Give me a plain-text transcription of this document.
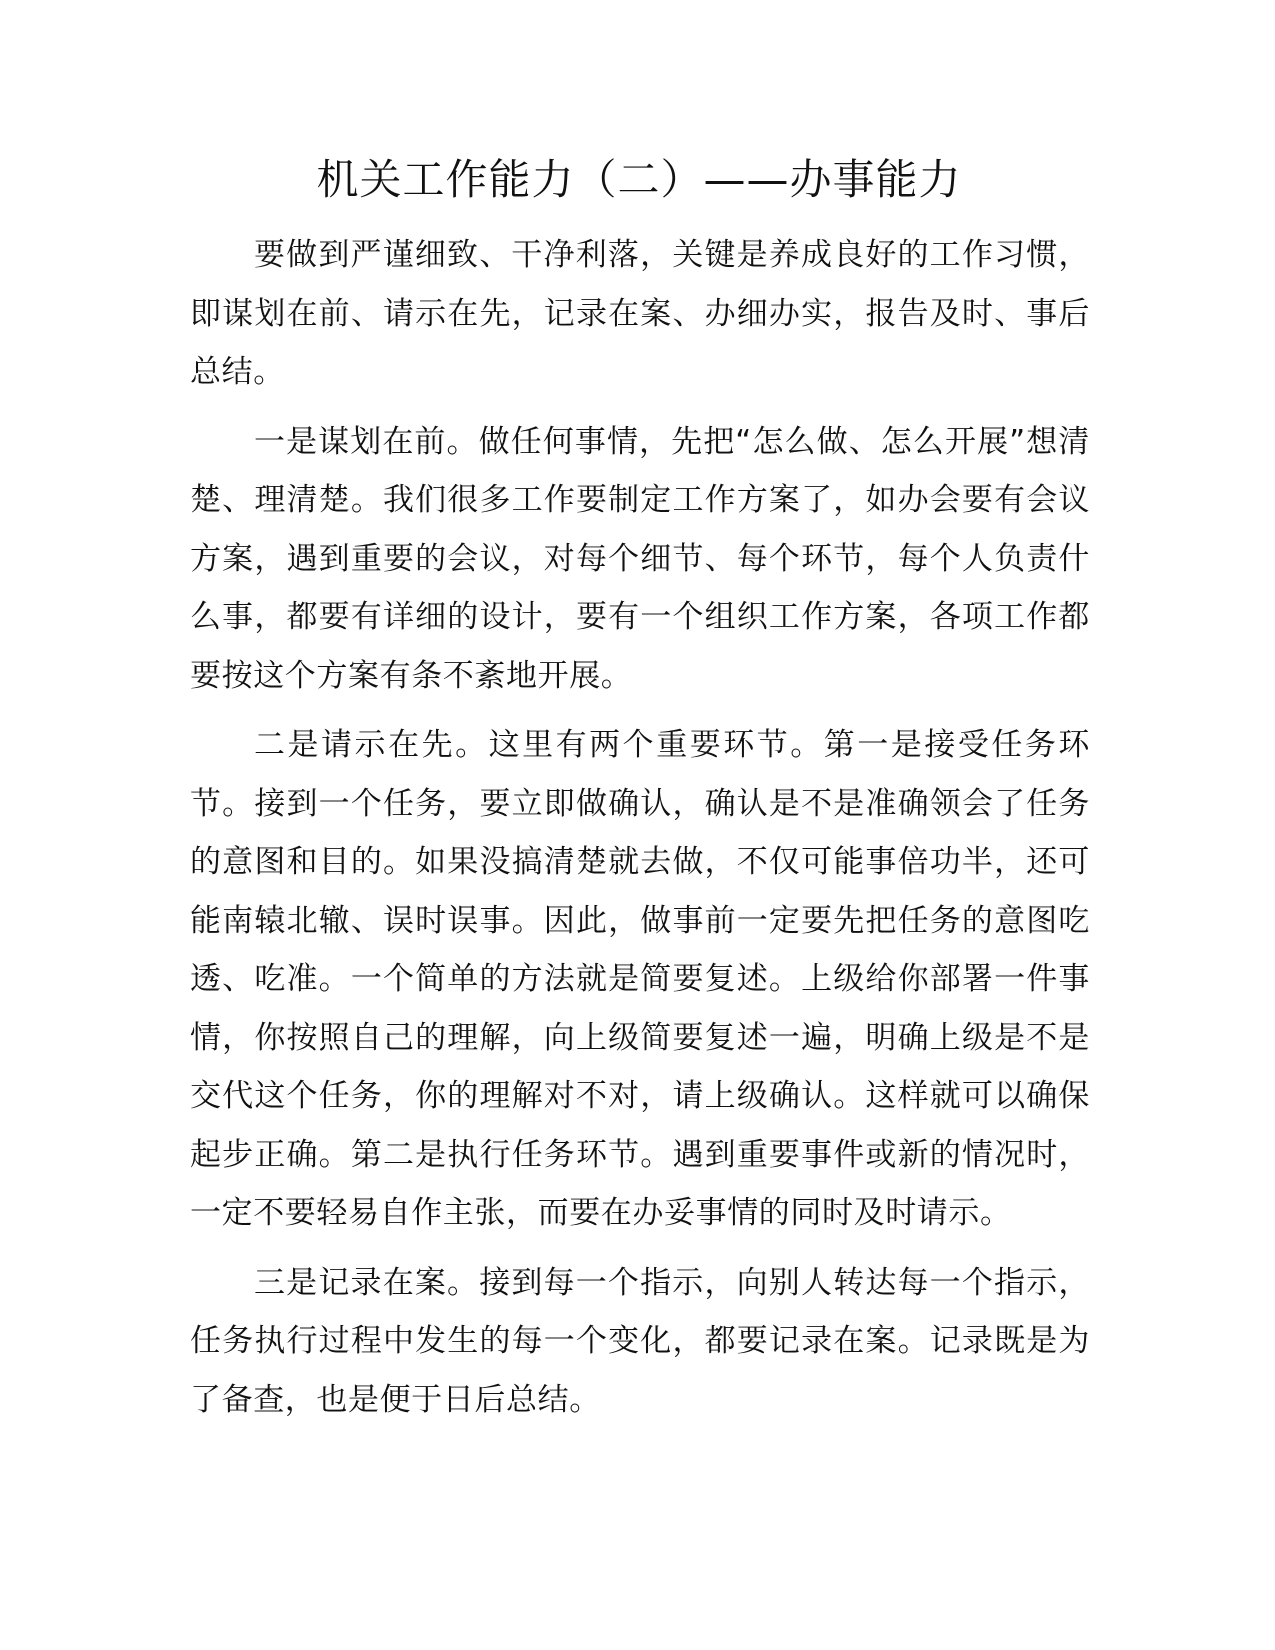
机关工作能力（二）——办事能力

要做到严谨细致、干净利落，关键是养成良好的工作习惯，即谋划在前、请示在先，记录在案、办细办实，报告及时、事后总结。

一是谋划在前。做任何事情，先把“怎么做、怎么开展”想清楚、理清楚。我们很多工作要制定工作方案了，如办会要有会议方案，遇到重要的会议，对每个细节、每个环节，每个人负责什么事，都要有详细的设计，要有一个组织工作方案，各项工作都要按这个方案有条不紊地开展。

二是请示在先。这里有两个重要环节。第一是接受任务环节。接到一个任务，要立即做确认，确认是不是准确领会了任务的意图和目的。如果没搞清楚就去做，不仅可能事倍功半，还可能南辕北辙、误时误事。因此，做事前一定要先把任务的意图吃透、吃准。一个简单的方法就是简要复述。上级给你部署一件事情，你按照自己的理解，向上级简要复述一遍，明确上级是不是交代这个任务，你的理解对不对，请上级确认。这样就可以确保起步正确。第二是执行任务环节。遇到重要事件或新的情况时，一定不要轻易自作主张，而要在办妥事情的同时及时请示。

三是记录在案。接到每一个指示，向别人转达每一个指示，任务执行过程中发生的每一个变化，都要记录在案。记录既是为了备查，也是便于日后总结。
